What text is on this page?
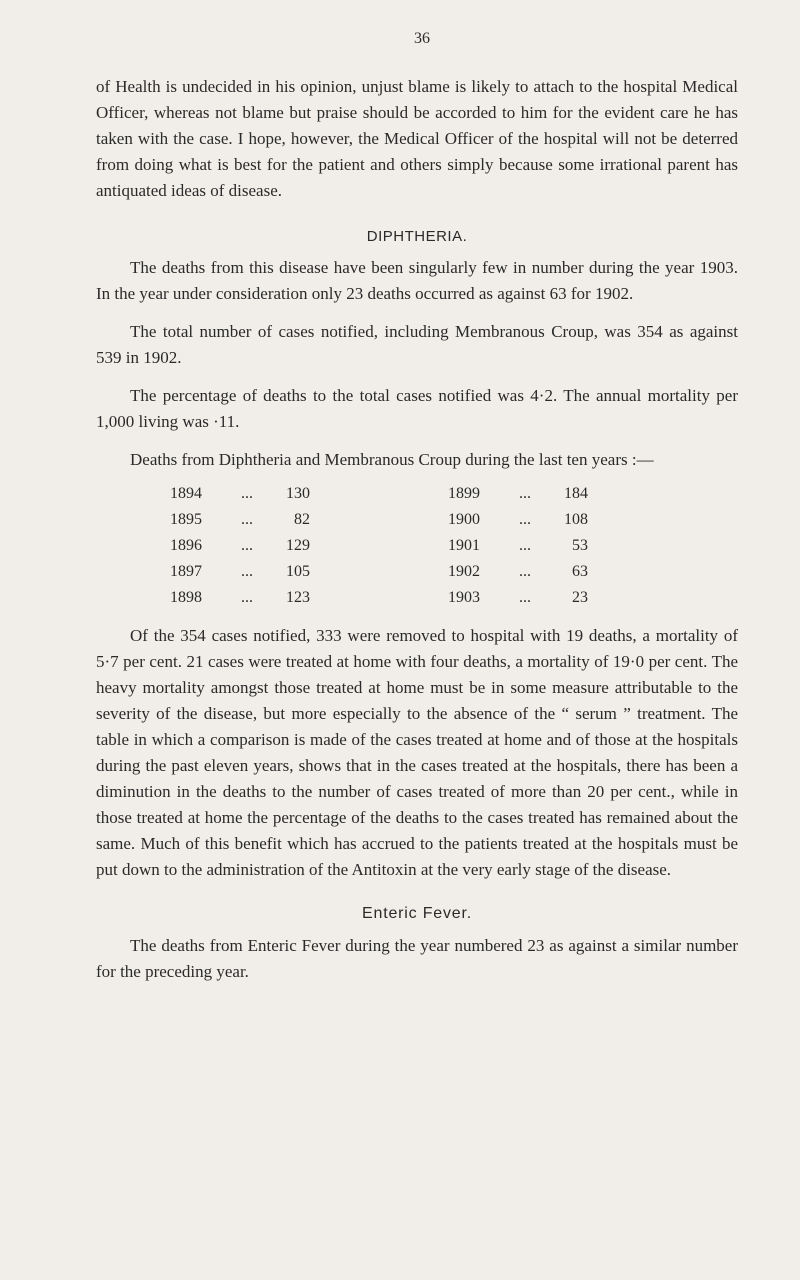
36

of Health is undecided in his opinion, unjust blame is likely to attach to the hospital Medical Officer, whereas not blame but praise should be accorded to him for the evident care he has taken with the case. I hope, however, the Medical Officer of the hospital will not be deterred from doing what is best for the patient and others simply because some irrational parent has antiquated ideas of disease.

DIPHTHERIA.

The deaths from this disease have been singularly few in number during the year 1903. In the year under consideration only 23 deaths occurred as against 63 for 1902.

The total number of cases notified, including Membranous Croup, was 354 as against 539 in 1902.

The percentage of deaths to the total cases notified was 4·2. The annual mortality per 1,000 living was ·11.

Deaths from Diphtheria and Membranous Croup during the last ten years :—

1894	...	130		1899	...	184
1895	...	82		1900	...	108
1896	...	129		1901	...	53
1897	...	105		1902	...	63
1898	...	123		1903	...	23

Of the 354 cases notified, 333 were removed to hospital with 19 deaths, a mortality of 5·7 per cent. 21 cases were treated at home with four deaths, a mortality of 19·0 per cent. The heavy mortality amongst those treated at home must be in some measure attributable to the severity of the disease, but more especially to the absence of the “ serum ” treatment. The table in which a comparison is made of the cases treated at home and of those at the hospitals during the past eleven years, shows that in the cases treated at the hospitals, there has been a diminution in the deaths to the number of cases treated of more than 20 per cent., while in those treated at home the percentage of the deaths to the cases treated has remained about the same. Much of this benefit which has accrued to the patients treated at the hospitals must be put down to the administration of the Antitoxin at the very early stage of the disease.

Enteric Fever.

The deaths from Enteric Fever during the year numbered 23 as against a similar number for the preceding year.
